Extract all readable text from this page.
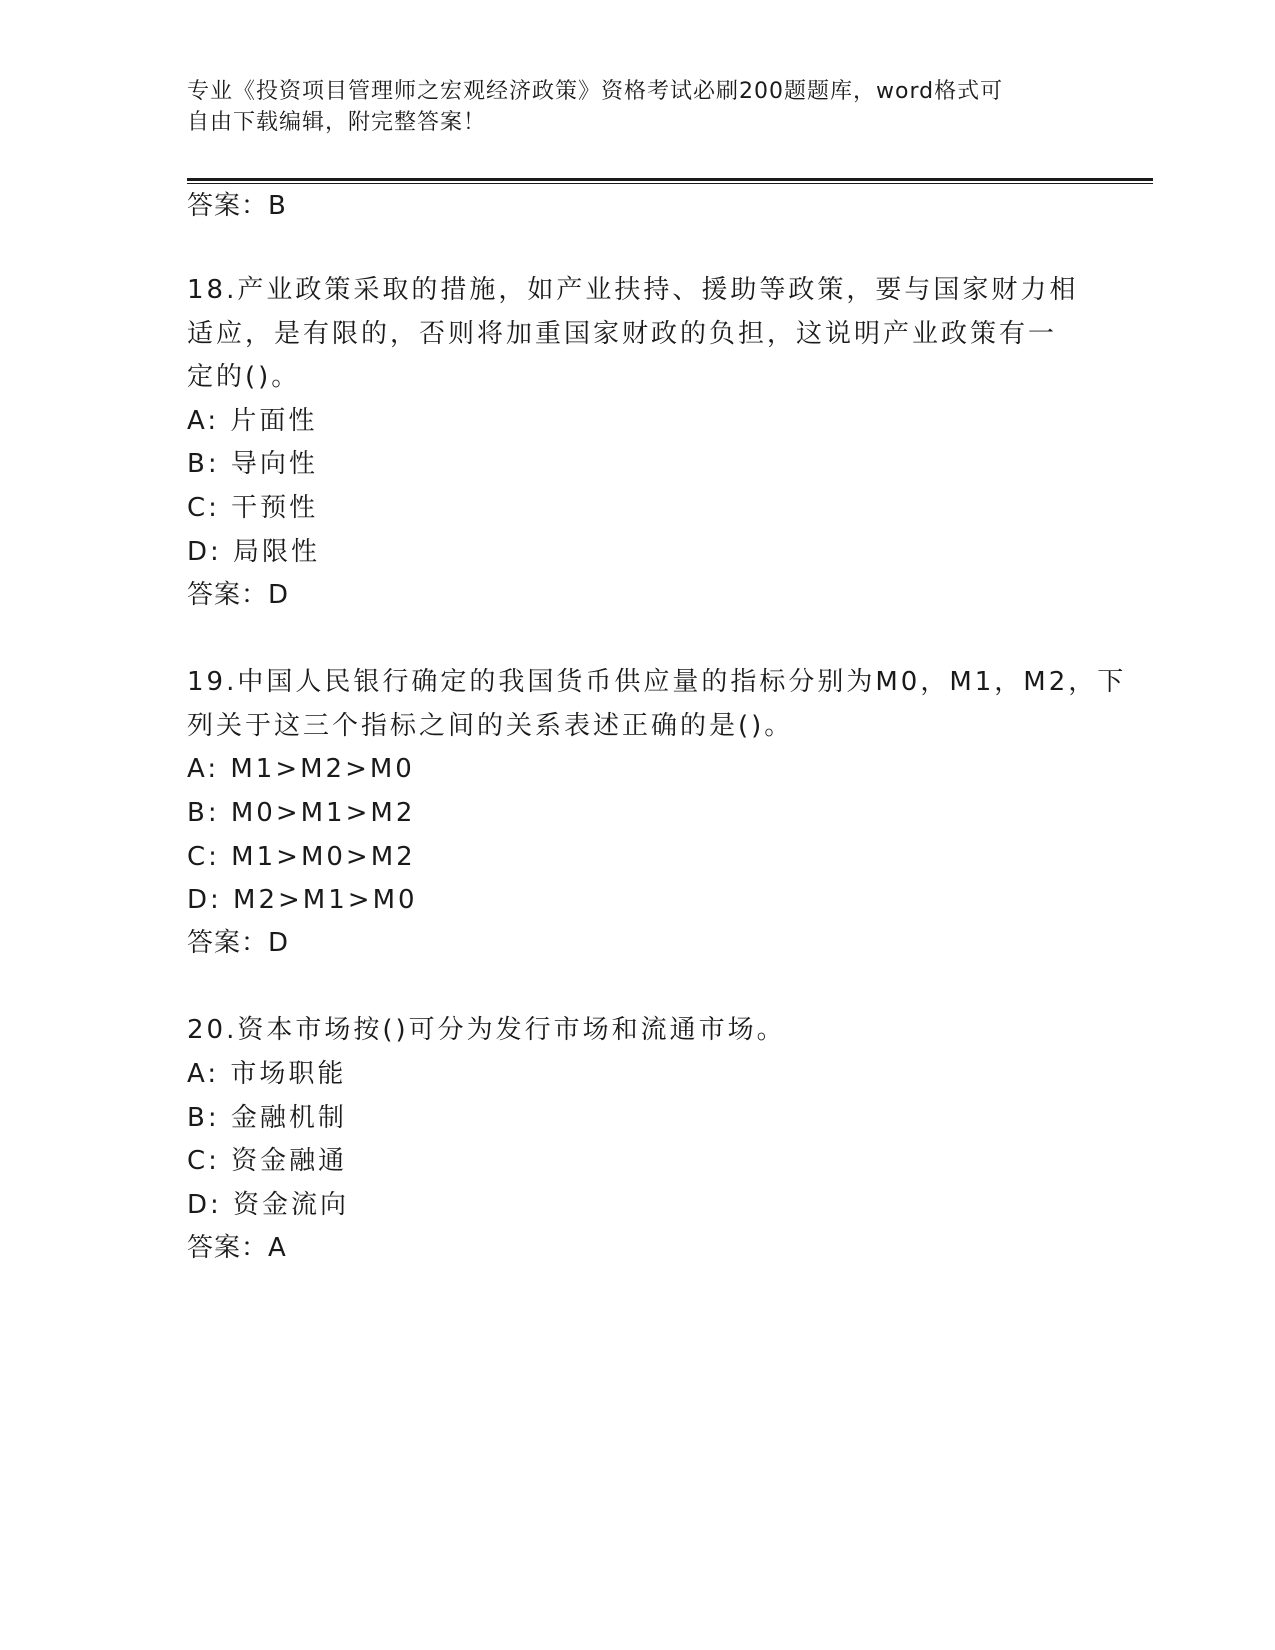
专业《投资项目管理师之宏观经济政策》资格考试必刷200题题库，word格式可
自由下载编辑，附完整答案！
答案：B
18.产业政策采取的措施，如产业扶持、援助等政策，要与国家财力相
适应，是有限的，否则将加重国家财政的负担，这说明产业政策有一
定的()。
A: 片面性
B: 导向性
C: 干预性
D: 局限性
答案：D
19.中国人民银行确定的我国货币供应量的指标分别为M0，M1，M2，下
列关于这三个指标之间的关系表述正确的是()。
A: M1>M2>M0
B: M0>M1>M2
C: M1>M0>M2
D: M2>M1>M0
答案：D
20.资本市场按()可分为发行市场和流通市场。
A: 市场职能
B: 金融机制
C: 资金融通
D: 资金流向
答案：A
